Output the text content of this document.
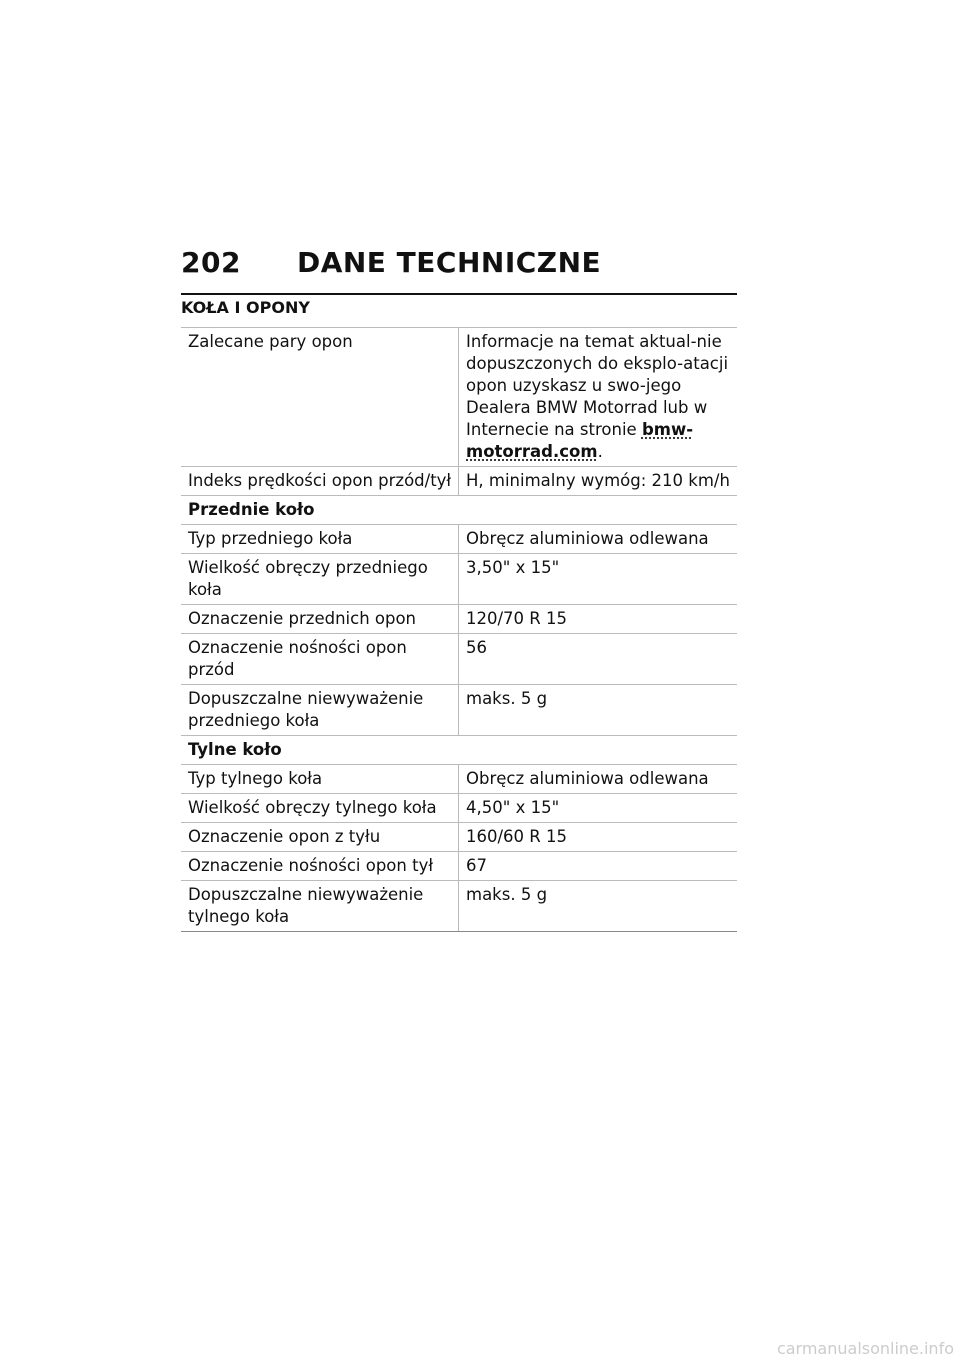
202 DANE TECHNICZNE
KOŁA I OPONY
Zalecane pary opon	Informacje na temat aktual-nie dopuszczonych do eksplo-atacji opon uzyskasz u swo-jego Dealera BMW Motorrad lub w Internecie na stronie bmw-motorrad.com.
Indeks prędkości opon przód/tył	H, minimalny wymóg: 210 km/h
Przednie koło	
Typ przedniego koła	Obręcz aluminiowa odlewana
Wielkość obręczy przedniego koła	3,50" x 15"
Oznaczenie przednich opon	120/70 R 15
Oznaczenie nośności opon przód	56
Dopuszczalne niewyważenie przedniego koła	maks. 5 g
Tylne koło	
Typ tylnego koła	Obręcz aluminiowa odlewana
Wielkość obręczy tylnego koła	4,50" x 15"
Oznaczenie opon z tyłu	160/60 R 15
Oznaczenie nośności opon tył	67
Dopuszczalne niewyważenie tylnego koła	maks. 5 g
carmanualsonline.info
